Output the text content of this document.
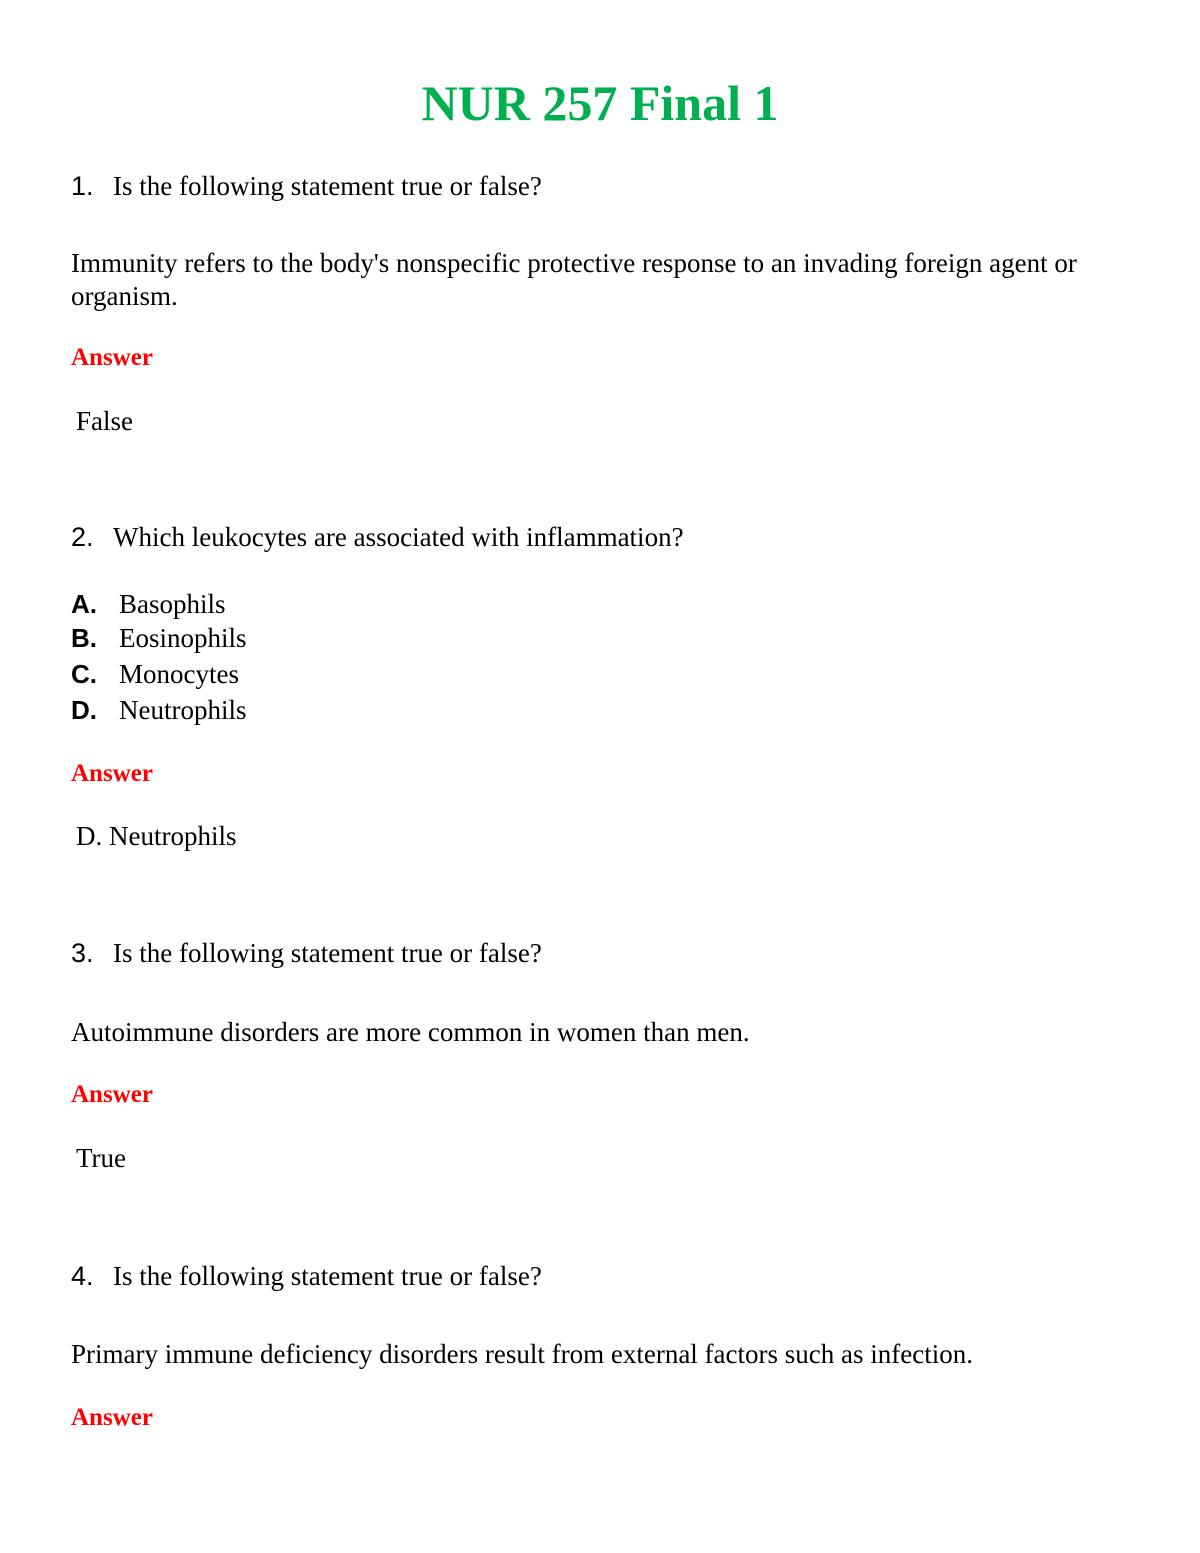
NUR 257 Final 1
1. Is the following statement true or false?
Immunity refers to the body's nonspecific protective response to an invading foreign agent or organism.
Answer
False
2. Which leukocytes are associated with inflammation?
A. Basophils
B. Eosinophils
C. Monocytes
D. Neutrophils
Answer
D. Neutrophils
3. Is the following statement true or false?
Autoimmune disorders are more common in women than men.
Answer
True
4. Is the following statement true or false?
Primary immune deficiency disorders result from external factors such as infection.
Answer
